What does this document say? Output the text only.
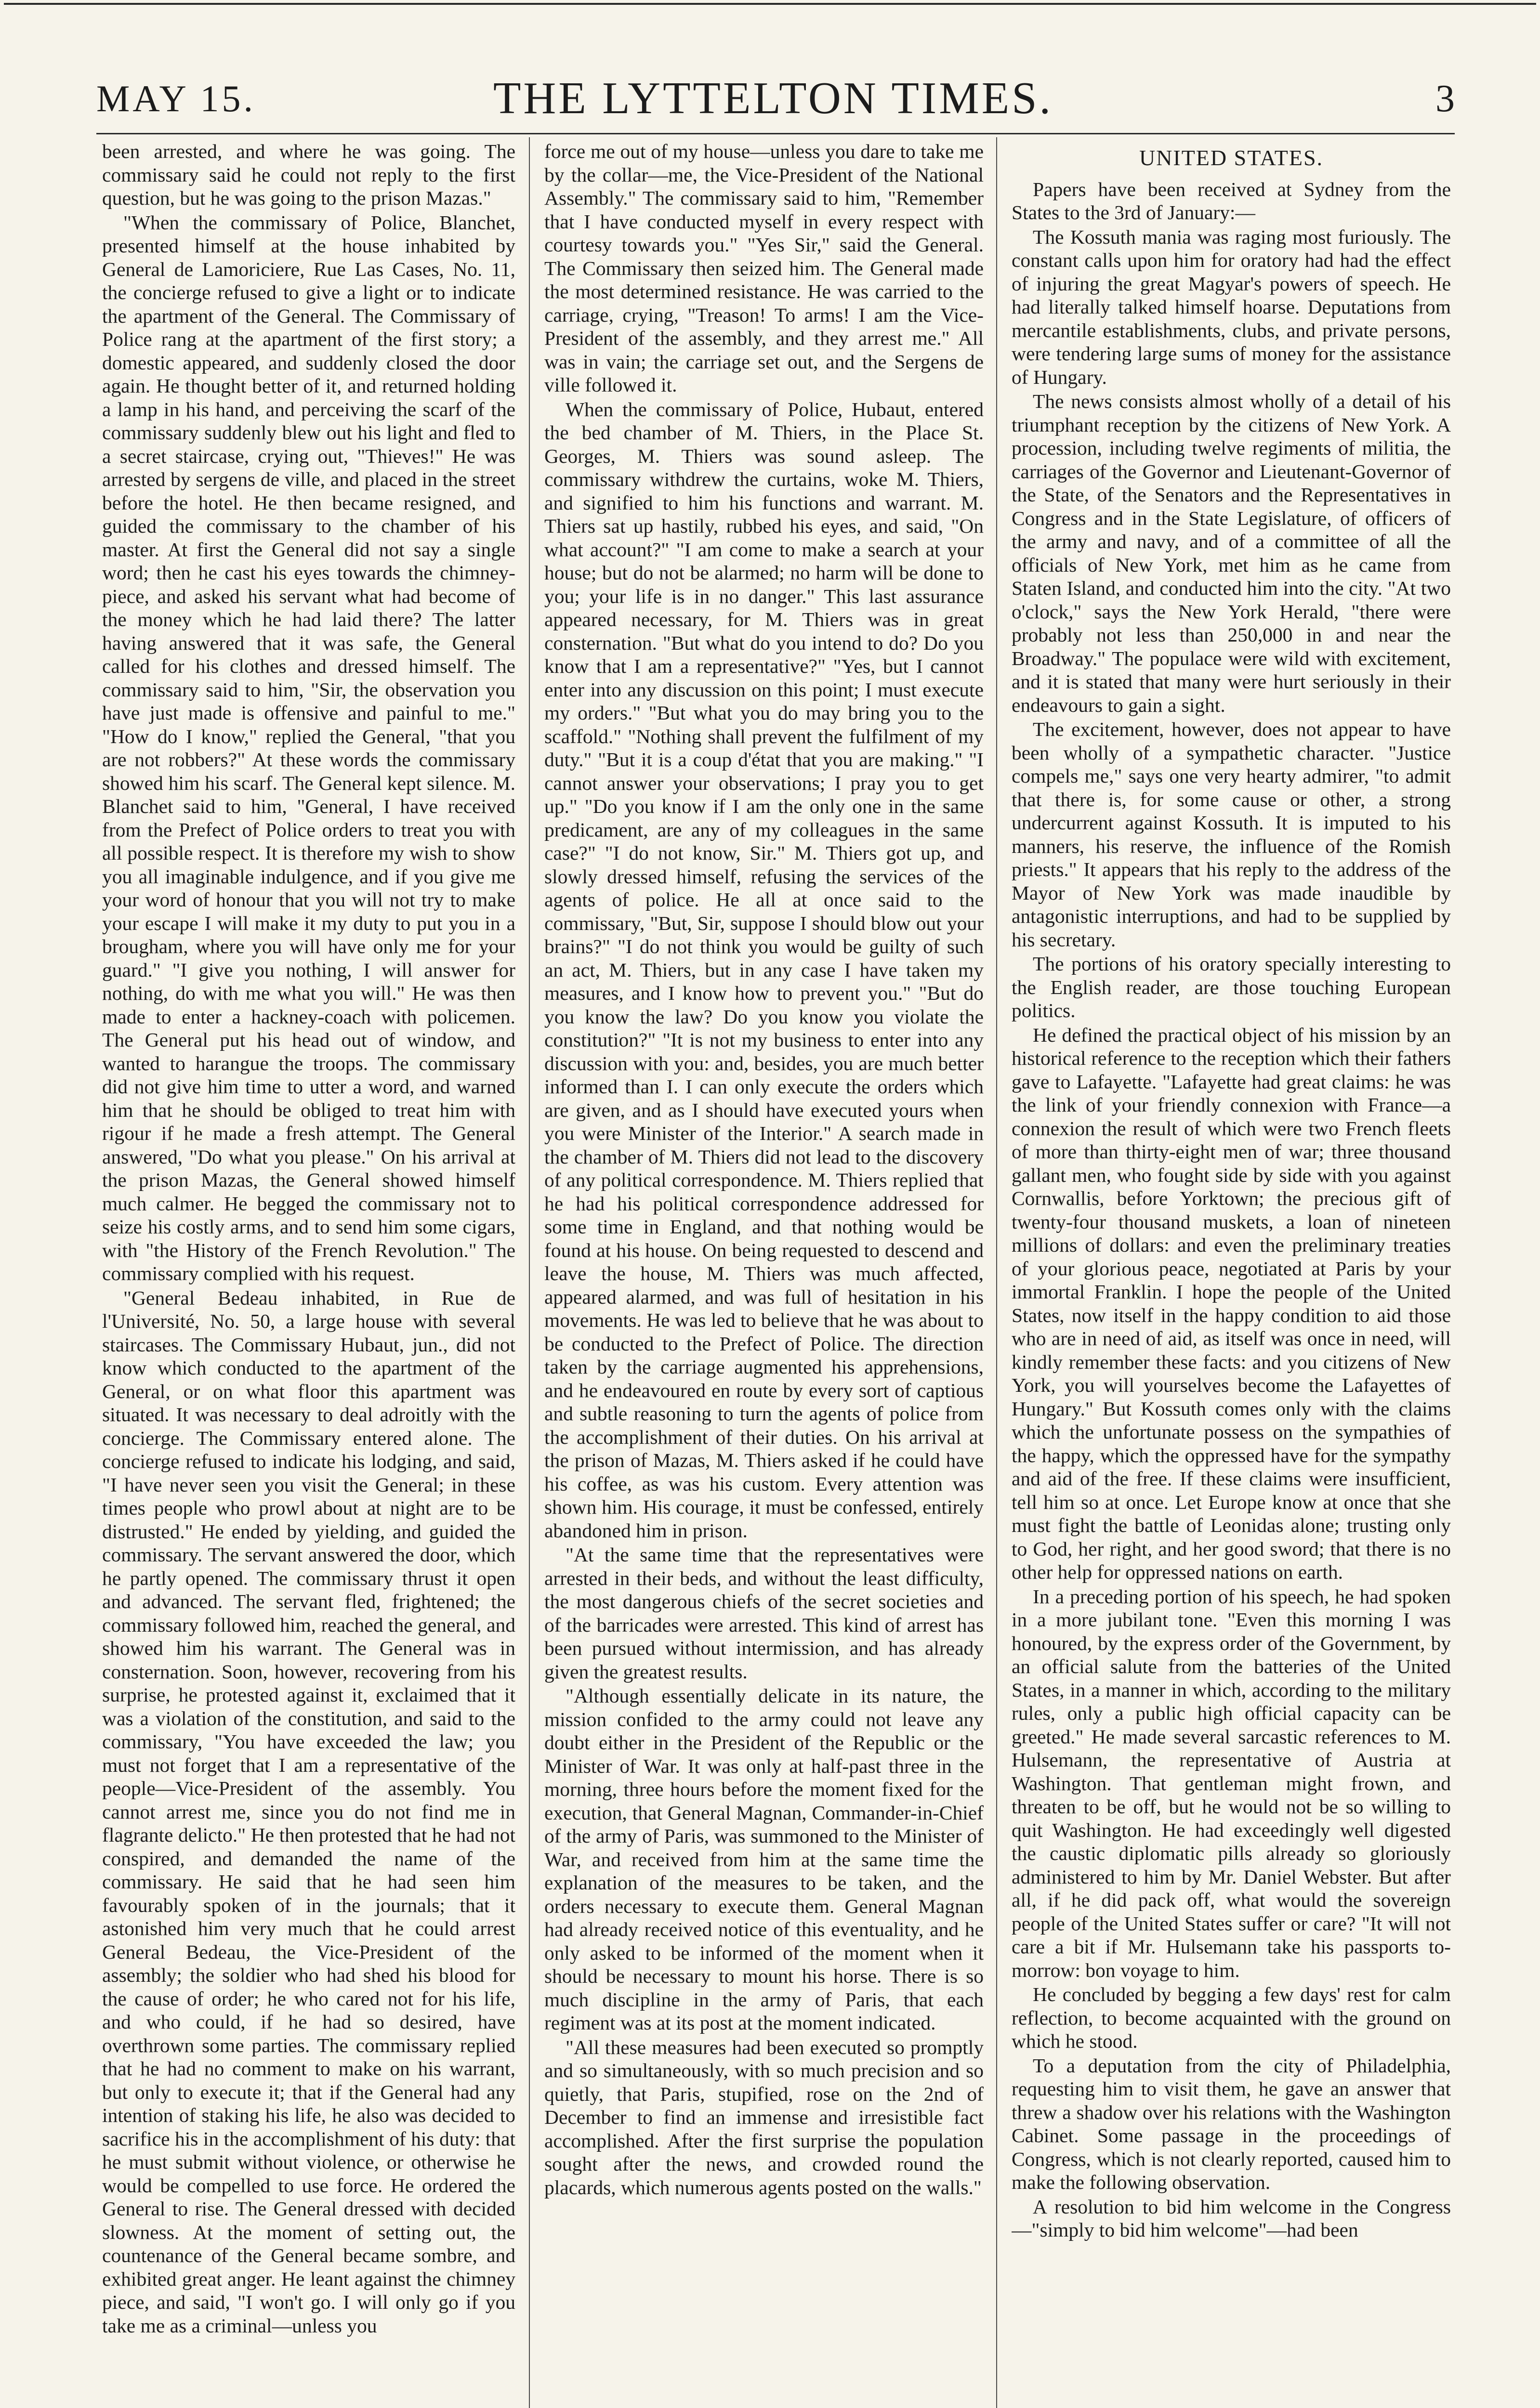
MAY 15.	THE LYTTELTON TIMES.	3

been arrested, and where he was going. The commissary said he could not reply to the first question, but he was going to the prison Mazas."

"When the commissary of Police, Blanchet, presented himself at the house inhabited by General de Lamoriciere, Rue Las Cases, No. 11, the concierge refused to give a light or to indicate the apartment of the General. The Commissary of Police rang at the apartment of the first story; a domestic appeared, and suddenly closed the door again. He thought better of it, and returned holding a lamp in his hand, and perceiving the scarf of the commissary suddenly blew out his light and fled to a secret staircase, crying out, "Thieves!" He was arrested by sergens de ville, and placed in the street before the hotel. He then became resigned, and guided the commissary to the chamber of his master. At first the General did not say a single word; then he cast his eyes towards the chimney-piece, and asked his servant what had become of the money which he had laid there? The latter having answered that it was safe, the General called for his clothes and dressed himself. The commissary said to him, "Sir, the observation you have just made is offensive and painful to me." "How do I know," replied the General, "that you are not robbers?" At these words the commissary showed him his scarf. The General kept silence. M. Blanchet said to him, "General, I have received from the Prefect of Police orders to treat you with all possible respect. It is therefore my wish to show you all imaginable indulgence, and if you give me your word of honour that you will not try to make your escape I will make it my duty to put you in a brougham, where you will have only me for your guard." "I give you nothing, I will answer for nothing, do with me what you will." He was then made to enter a hackney-coach with policemen. The General put his head out of window, and wanted to harangue the troops. The commissary did not give him time to utter a word, and warned him that he should be obliged to treat him with rigour if he made a fresh attempt. The General answered, "Do what you please." On his arrival at the prison Mazas, the General showed himself much calmer. He begged the commissary not to seize his costly arms, and to send him some cigars, with "the History of the French Revolution." The commissary complied with his request.

"General Bedeau inhabited, in Rue de l'Université, No. 50, a large house with several staircases. The Commissary Hubaut, jun., did not know which conducted to the apartment of the General, or on what floor this apartment was situated. It was necessary to deal adroitly with the concierge. The Commissary entered alone. The concierge refused to indicate his lodging, and said, "I have never seen you visit the General; in these times people who prowl about at night are to be distrusted." He ended by yielding, and guided the commissary. The servant answered the door, which he partly opened. The commissary thrust it open and advanced. The servant fled, frightened; the commissary followed him, reached the general, and showed him his warrant. The General was in consternation. Soon, however, recovering from his surprise, he protested against it, exclaimed that it was a violation of the constitution, and said to the commissary, "You have exceeded the law; you must not forget that I am a representative of the people—Vice-President of the assembly. You cannot arrest me, since you do not find me in flagrante delicto." He then protested that he had not conspired, and demanded the name of the commissary. He said that he had seen him favourably spoken of in the journals; that it astonished him very much that he could arrest General Bedeau, the Vice-President of the assembly; the soldier who had shed his blood for the cause of order; he who cared not for his life, and who could, if he had so desired, have overthrown some parties. The commissary replied that he had no comment to make on his warrant, but only to execute it; that if the General had any intention of staking his life, he also was decided to sacrifice his in the accomplishment of his duty: that he must submit without violence, or otherwise he would be compelled to use force. He ordered the General to rise. The General dressed with decided slowness. At the moment of setting out, the countenance of the General became sombre, and exhibited great anger. He leant against the chimney piece, and said, "I won't go. I will only go if you take me as a criminal—unless you

force me out of my house—unless you dare to take me by the collar—me, the Vice-President of the National Assembly." The commissary said to him, "Remember that I have conducted myself in every respect with courtesy towards you." "Yes Sir," said the General. The Commissary then seized him. The General made the most determined resistance. He was carried to the carriage, crying, "Treason! To arms! I am the Vice-President of the assembly, and they arrest me." All was in vain; the carriage set out, and the Sergens de ville followed it.

When the commissary of Police, Hubaut, entered the bed chamber of M. Thiers, in the Place St. Georges, M. Thiers was sound asleep. The commissary withdrew the curtains, woke M. Thiers, and signified to him his functions and warrant. M. Thiers sat up hastily, rubbed his eyes, and said, "On what account?" "I am come to make a search at your house; but do not be alarmed; no harm will be done to you; your life is in no danger." This last assurance appeared necessary, for M. Thiers was in great consternation. "But what do you intend to do? Do you know that I am a representative?" "Yes, but I cannot enter into any discussion on this point; I must execute my orders." "But what you do may bring you to the scaffold." "Nothing shall prevent the fulfilment of my duty." "But it is a coup d'état that you are making." "I cannot answer your observations; I pray you to get up." "Do you know if I am the only one in the same predicament, are any of my colleagues in the same case?" "I do not know, Sir." M. Thiers got up, and slowly dressed himself, refusing the services of the agents of police. He all at once said to the commissary, "But, Sir, suppose I should blow out your brains?" "I do not think you would be guilty of such an act, M. Thiers, but in any case I have taken my measures, and I know how to prevent you." "But do you know the law? Do you know you violate the constitution?" "It is not my business to enter into any discussion with you: and, besides, you are much better informed than I. I can only execute the orders which are given, and as I should have executed yours when you were Minister of the Interior." A search made in the chamber of M. Thiers did not lead to the discovery of any political correspondence. M. Thiers replied that he had his political correspondence addressed for some time in England, and that nothing would be found at his house. On being requested to descend and leave the house, M. Thiers was much affected, appeared alarmed, and was full of hesitation in his movements. He was led to believe that he was about to be conducted to the Prefect of Police. The direction taken by the carriage augmented his apprehensions, and he endeavoured en route by every sort of captious and subtle reasoning to turn the agents of police from the accomplishment of their duties. On his arrival at the prison of Mazas, M. Thiers asked if he could have his coffee, as was his custom. Every attention was shown him. His courage, it must be confessed, entirely abandoned him in prison.

"At the same time that the representatives were arrested in their beds, and without the least difficulty, the most dangerous chiefs of the secret societies and of the barricades were arrested. This kind of arrest has been pursued without intermission, and has already given the greatest results.

"Although essentially delicate in its nature, the mission confided to the army could not leave any doubt either in the President of the Republic or the Minister of War. It was only at half-past three in the morning, three hours before the moment fixed for the execution, that General Magnan, Commander-in-Chief of the army of Paris, was summoned to the Minister of War, and received from him at the same time the explanation of the measures to be taken, and the orders necessary to execute them. General Magnan had already received notice of this eventuality, and he only asked to be informed of the moment when it should be necessary to mount his horse. There is so much discipline in the army of Paris, that each regiment was at its post at the moment indicated.

"All these measures had been executed so promptly and so simultaneously, with so much precision and so quietly, that Paris, stupified, rose on the 2nd of December to find an immense and irresistible fact accomplished. After the first surprise the population sought after the news, and crowded round the placards, which numerous agents posted on the walls."

UNITED STATES.

Papers have been received at Sydney from the States to the 3rd of January:—

The Kossuth mania was raging most furiously. The constant calls upon him for oratory had had the effect of injuring the great Magyar's powers of speech. He had literally talked himself hoarse. Deputations from mercantile establishments, clubs, and private persons, were tendering large sums of money for the assistance of Hungary.

The news consists almost wholly of a detail of his triumphant reception by the citizens of New York. A procession, including twelve regiments of militia, the carriages of the Governor and Lieutenant-Governor of the State, of the Senators and the Representatives in Congress and in the State Legislature, of officers of the army and navy, and of a committee of all the officials of New York, met him as he came from Staten Island, and conducted him into the city. "At two o'clock," says the New York Herald, "there were probably not less than 250,000 in and near the Broadway." The populace were wild with excitement, and it is stated that many were hurt seriously in their endeavours to gain a sight.

The excitement, however, does not appear to have been wholly of a sympathetic character. "Justice compels me," says one very hearty admirer, "to admit that there is, for some cause or other, a strong undercurrent against Kossuth. It is imputed to his manners, his reserve, the influence of the Romish priests." It appears that his reply to the address of the Mayor of New York was made inaudible by antagonistic interruptions, and had to be supplied by his secretary.

The portions of his oratory specially interesting to the English reader, are those touching European politics.

He defined the practical object of his mission by an historical reference to the reception which their fathers gave to Lafayette. "Lafayette had great claims: he was the link of your friendly connexion with France—a connexion the result of which were two French fleets of more than thirty-eight men of war; three thousand gallant men, who fought side by side with you against Cornwallis, before Yorktown; the precious gift of twenty-four thousand muskets, a loan of nineteen millions of dollars: and even the preliminary treaties of your glorious peace, negotiated at Paris by your immortal Franklin. I hope the people of the United States, now itself in the happy condition to aid those who are in need of aid, as itself was once in need, will kindly remember these facts: and you citizens of New York, you will yourselves become the Lafayettes of Hungary." But Kossuth comes only with the claims which the unfortunate possess on the sympathies of the happy, which the oppressed have for the sympathy and aid of the free. If these claims were insufficient, tell him so at once. Let Europe know at once that she must fight the battle of Leonidas alone; trusting only to God, her right, and her good sword; that there is no other help for oppressed nations on earth.

In a preceding portion of his speech, he had spoken in a more jubilant tone. "Even this morning I was honoured, by the express order of the Government, by an official salute from the batteries of the United States, in a manner in which, according to the military rules, only a public high official capacity can be greeted." He made several sarcastic references to M. Hulsemann, the representative of Austria at Washington. That gentleman might frown, and threaten to be off, but he would not be so willing to quit Washington. He had exceedingly well digested the caustic diplomatic pills already so gloriously administered to him by Mr. Daniel Webster. But after all, if he did pack off, what would the sovereign people of the United States suffer or care? "It will not care a bit if Mr. Hulsemann take his passports to-morrow: bon voyage to him.

He concluded by begging a few days' rest for calm reflection, to become acquainted with the ground on which he stood.

To a deputation from the city of Philadelphia, requesting him to visit them, he gave an answer that threw a shadow over his relations with the Washington Cabinet. Some passage in the proceedings of Congress, which is not clearly reported, caused him to make the following observation.

A resolution to bid him welcome in the Congress—"simply to bid him welcome"—had been
